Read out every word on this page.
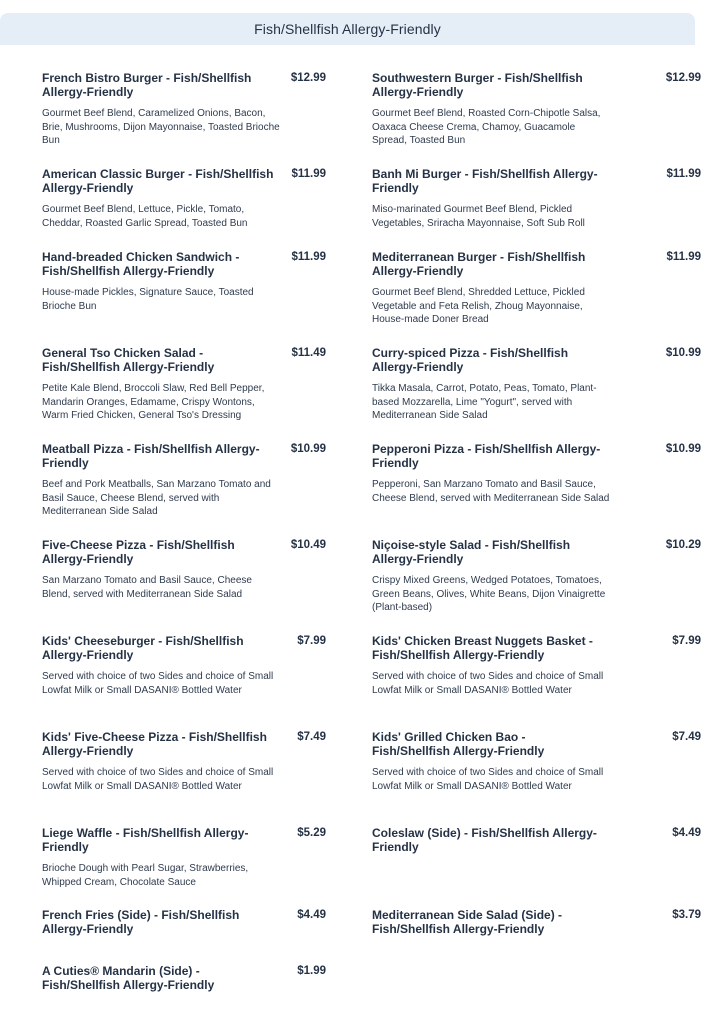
Fish/Shellfish Allergy-Friendly
French Bistro Burger - Fish/Shellfish Allergy-Friendly
$12.99
Gourmet Beef Blend, Caramelized Onions, Bacon, Brie, Mushrooms, Dijon Mayonnaise, Toasted Brioche Bun
Southwestern Burger - Fish/Shellfish Allergy-Friendly
$12.99
Gourmet Beef Blend, Roasted Corn-Chipotle Salsa, Oaxaca Cheese Crema, Chamoy, Guacamole Spread, Toasted Bun
American Classic Burger - Fish/Shellfish Allergy-Friendly
$11.99
Gourmet Beef Blend, Lettuce, Pickle, Tomato, Cheddar, Roasted Garlic Spread, Toasted Bun
Banh Mi Burger - Fish/Shellfish Allergy-Friendly
$11.99
Miso-marinated Gourmet Beef Blend, Pickled Vegetables, Sriracha Mayonnaise, Soft Sub Roll
Hand-breaded Chicken Sandwich - Fish/Shellfish Allergy-Friendly
$11.99
House-made Pickles, Signature Sauce, Toasted Brioche Bun
Mediterranean Burger - Fish/Shellfish Allergy-Friendly
$11.99
Gourmet Beef Blend, Shredded Lettuce, Pickled Vegetable and Feta Relish, Zhoug Mayonnaise, House-made Doner Bread
General Tso Chicken Salad - Fish/Shellfish Allergy-Friendly
$11.49
Petite Kale Blend, Broccoli Slaw, Red Bell Pepper, Mandarin Oranges, Edamame, Crispy Wontons, Warm Fried Chicken, General Tso's Dressing
Curry-spiced Pizza - Fish/Shellfish Allergy-Friendly
$10.99
Tikka Masala, Carrot, Potato, Peas, Tomato, Plant-based Mozzarella, Lime "Yogurt", served with Mediterranean Side Salad
Meatball Pizza - Fish/Shellfish Allergy-Friendly
$10.99
Beef and Pork Meatballs, San Marzano Tomato and Basil Sauce, Cheese Blend, served with Mediterranean Side Salad
Pepperoni Pizza - Fish/Shellfish Allergy-Friendly
$10.99
Pepperoni, San Marzano Tomato and Basil Sauce, Cheese Blend, served with Mediterranean Side Salad
Five-Cheese Pizza - Fish/Shellfish Allergy-Friendly
$10.49
San Marzano Tomato and Basil Sauce, Cheese Blend, served with Mediterranean Side Salad
Niçoise-style Salad - Fish/Shellfish Allergy-Friendly
$10.29
Crispy Mixed Greens, Wedged Potatoes, Tomatoes, Green Beans, Olives, White Beans, Dijon Vinaigrette (Plant-based)
Kids' Cheeseburger - Fish/Shellfish Allergy-Friendly
$7.99
Served with choice of two Sides and choice of Small Lowfat Milk or Small DASANI® Bottled Water
Kids' Chicken Breast Nuggets Basket - Fish/Shellfish Allergy-Friendly
$7.99
Served with choice of two Sides and choice of Small Lowfat Milk or Small DASANI® Bottled Water
Kids' Five-Cheese Pizza - Fish/Shellfish Allergy-Friendly
$7.49
Served with choice of two Sides and choice of Small Lowfat Milk or Small DASANI® Bottled Water
Kids' Grilled Chicken Bao - Fish/Shellfish Allergy-Friendly
$7.49
Served with choice of two Sides and choice of Small Lowfat Milk or Small DASANI® Bottled Water
Liege Waffle - Fish/Shellfish Allergy-Friendly
$5.29
Brioche Dough with Pearl Sugar, Strawberries, Whipped Cream, Chocolate Sauce
Coleslaw (Side) - Fish/Shellfish Allergy-Friendly
$4.49
French Fries (Side) - Fish/Shellfish Allergy-Friendly
$4.49	Mediterranean Side Salad (Side) - Fish/Shellfish Allergy-Friendly
$3.79
A Cuties® Mandarin (Side) - Fish/Shellfish Allergy-Friendly
$1.99
